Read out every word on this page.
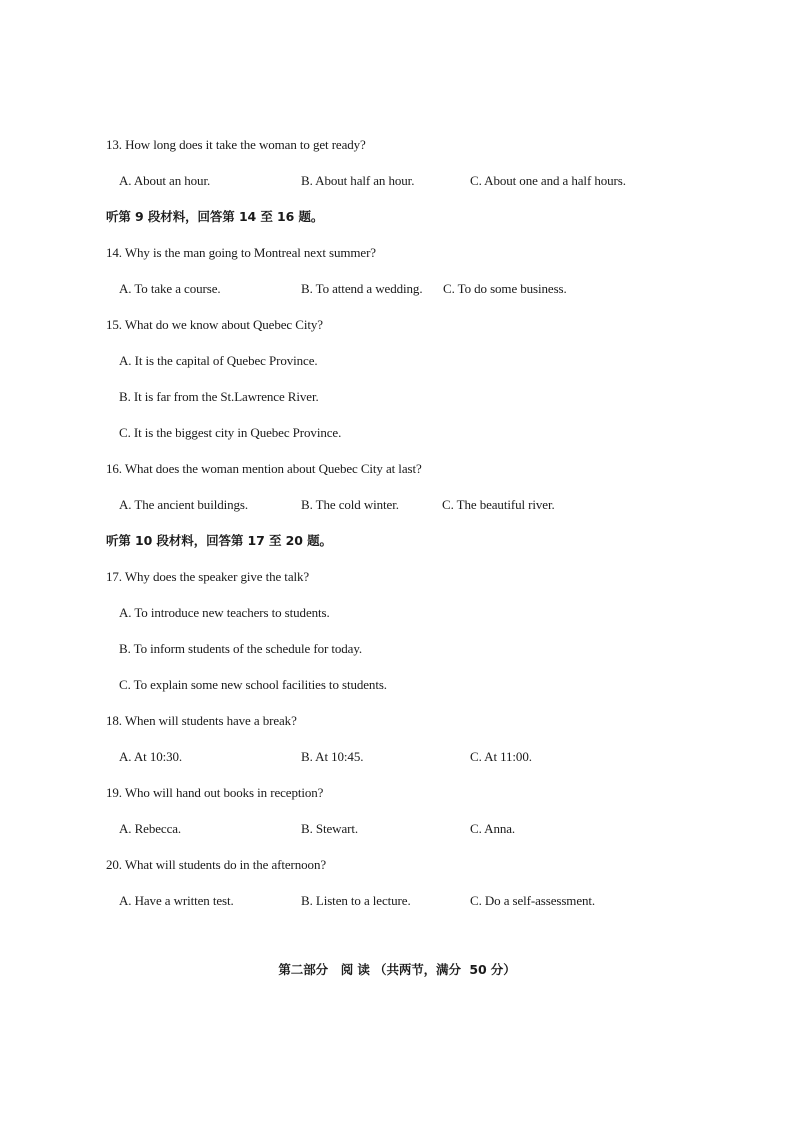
13. How long does it take the woman to get ready?
A. About an hour.	B. About half an hour.	C. About one and a half hours.
听第 9 段材料，回答第 14 至 16 题。
14. Why is the man going to Montreal next summer?
A. To take a course.	B. To attend a wedding. C. To do some business.
15. What do we know about Quebec City?
A. It is the capital of Quebec Province.
B. It is far from the St.Lawrence River.
C. It is the biggest city in Quebec Province.
16. What does the woman mention about Quebec City at last?
A. The ancient buildings.	B. The cold winter.	C. The beautiful river.
听第 10 段材料，回答第 17 至 20 题。
17. Why does the speaker give the talk?
A. To introduce new teachers to students.
B. To inform students of the schedule for today.
C. To explain some new school facilities to students.
18. When will students have a break?
A. At 10:30.	B. At 10:45.	C. At 11:00.
19. Who will hand out books in reception?
A. Rebecca.	B. Stewart.	C. Anna.
20. What will students do in the afternoon?
A. Have a written test.	B. Listen to a lecture.	C. Do a self-assessment.
第二部分   阅 读 （共两节，满分  50 分）
